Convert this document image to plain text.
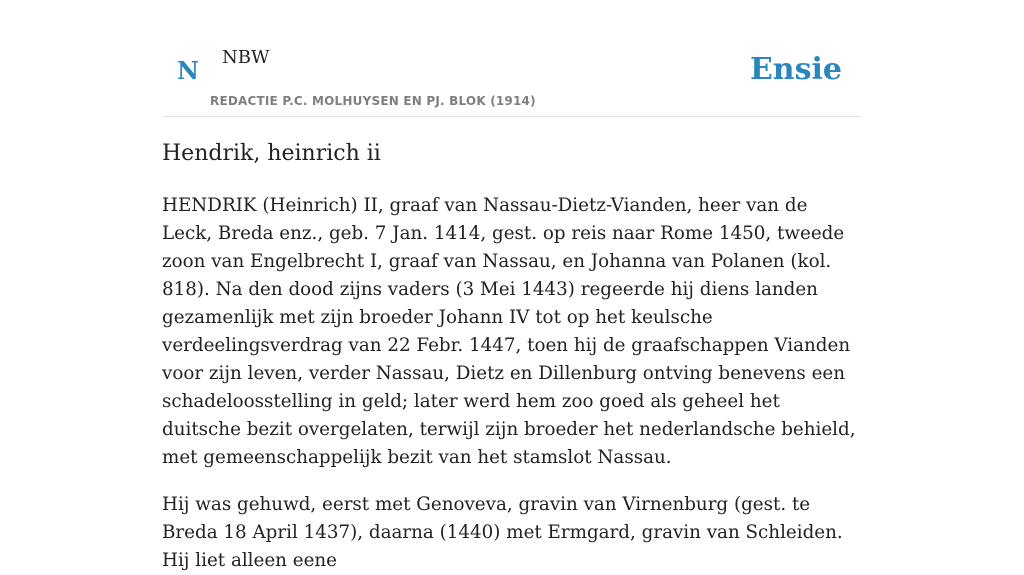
N NBW
REDACTIE P.C. MOLHUYSEN EN PJ. BLOK (1914)
Ensie
Hendrik, heinrich ii

HENDRIK (Heinrich) II, graaf van Nassau-Dietz-Vianden, heer van de Leck, Breda enz., geb. 7 Jan. 1414, gest. op reis naar Rome 1450, tweede zoon van Engelbrecht I, graaf van Nassau, en Johanna van Polanen (kol. 818). Na den dood zijns vaders (3 Mei 1443) regeerde hij diens landen gezamenlijk met zijn broeder Johann IV tot op het keulsche verdeelingsverdrag van 22 Febr. 1447, toen hij de graafschappen Vianden voor zijn leven, verder Nassau, Dietz en Dillenburg ontving benevens een schadeloosstelling in geld; later werd hem zoo goed als geheel het duitsche bezit overgelaten, terwijl zijn broeder het nederlandsche behield, met gemeenschappelijk bezit van het stamslot Nassau.

Hij was gehuwd, eerst met Genoveva, gravin van Virnenburg (gest. te Breda 18 April 1437), daarna (1440) met Ermgard, gravin van Schleiden. Hij liet alleen eene
